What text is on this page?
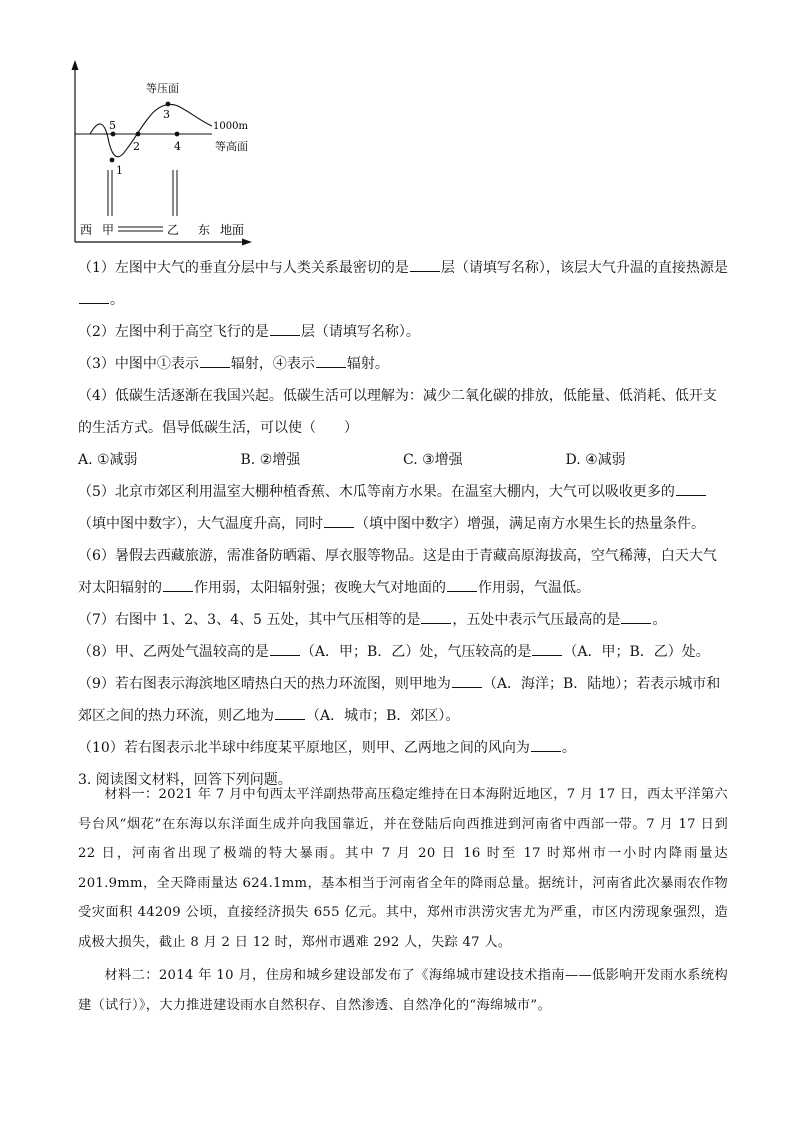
5
1
2
3
4
等压面
1000m
等高面
西 甲	乙 东 地面

（1）左图中大气的垂直分层中与人类关系最密切的是 层（请填写名称），该层大气升温的直接热源是
。

（2）左图中利于高空飞行的是 层（请填写名称）。

（3）中图中①表示 辐射，④表示 辐射。

（4）低碳生活逐渐在我国兴起。低碳生活可以理解为：减少二氧化碳的排放，低能量、低消耗、低开支的生活方式。倡导低碳生活，可以使（　　）

A. ①减弱	B. ②增强	C. ③增强	D. ④减弱

（5）北京市郊区利用温室大棚种植香蕉、木瓜等南方水果。在温室大棚内，大气可以吸收更多的（填中图中数字），大气温度升高，同时 （填中图中数字）增强，满足南方水果生长的热量条件。

（6）暑假去西藏旅游，需准备防晒霜、厚衣服等物品。这是由于青藏高原海拔高，空气稀薄，白天大气对太阳辐射的 作用弱，太阳辐射强；夜晚大气对地面的 作用弱，气温低。

（7）右图中 1、2、3、4、5 五处，其中气压相等的是 ，五处中表示气压最高的是 。

（8）甲、乙两处气温较高的是 （A．甲；B．乙）处，气压较高的是 （A．甲；B．乙）处。

（9）若右图表示海滨地区晴热白天的热力环流图，则甲地为 （A．海洋；B．陆地）；若表示城市和郊区之间的热力环流，则乙地为 （A．城市；B．郊区）。

（10）若右图表示北半球中纬度某平原地区，则甲、乙两地之间的风向为 。

3. 阅读图文材料，回答下列问题。

材料一：2021 年 7 月中旬西太平洋副热带高压稳定维持在日本海附近地区，7 月 17 日，西太平洋第六号台风“烟花”在东海以东洋面生成并向我国靠近，并在登陆后向西推进到河南省中西部一带。7 月 17 日到 22 日，河南省出现了极端的特大暴雨。其中 7 月 20 日 16 时至 17 时郑州市一小时内降雨量达 201.9mm，全天降雨量达 624.1mm，基本相当于河南省全年的降雨总量。据统计，河南省此次暴雨农作物受灾面积 44209 公顷，直接经济损失 655 亿元。其中，郑州市洪涝灾害尤为严重，市区内涝现象强烈，造成极大损失，截止 8 月 2 日 12 时，郑州市遇难 292 人，失踪 47 人。

材料二：2014 年 10 月，住房和城乡建设部发布了《海绵城市建设技术指南——低影响开发雨水系统构建（试行）》，大力推进建设雨水自然积存、自然渗透、自然净化的“海绵城市”。
